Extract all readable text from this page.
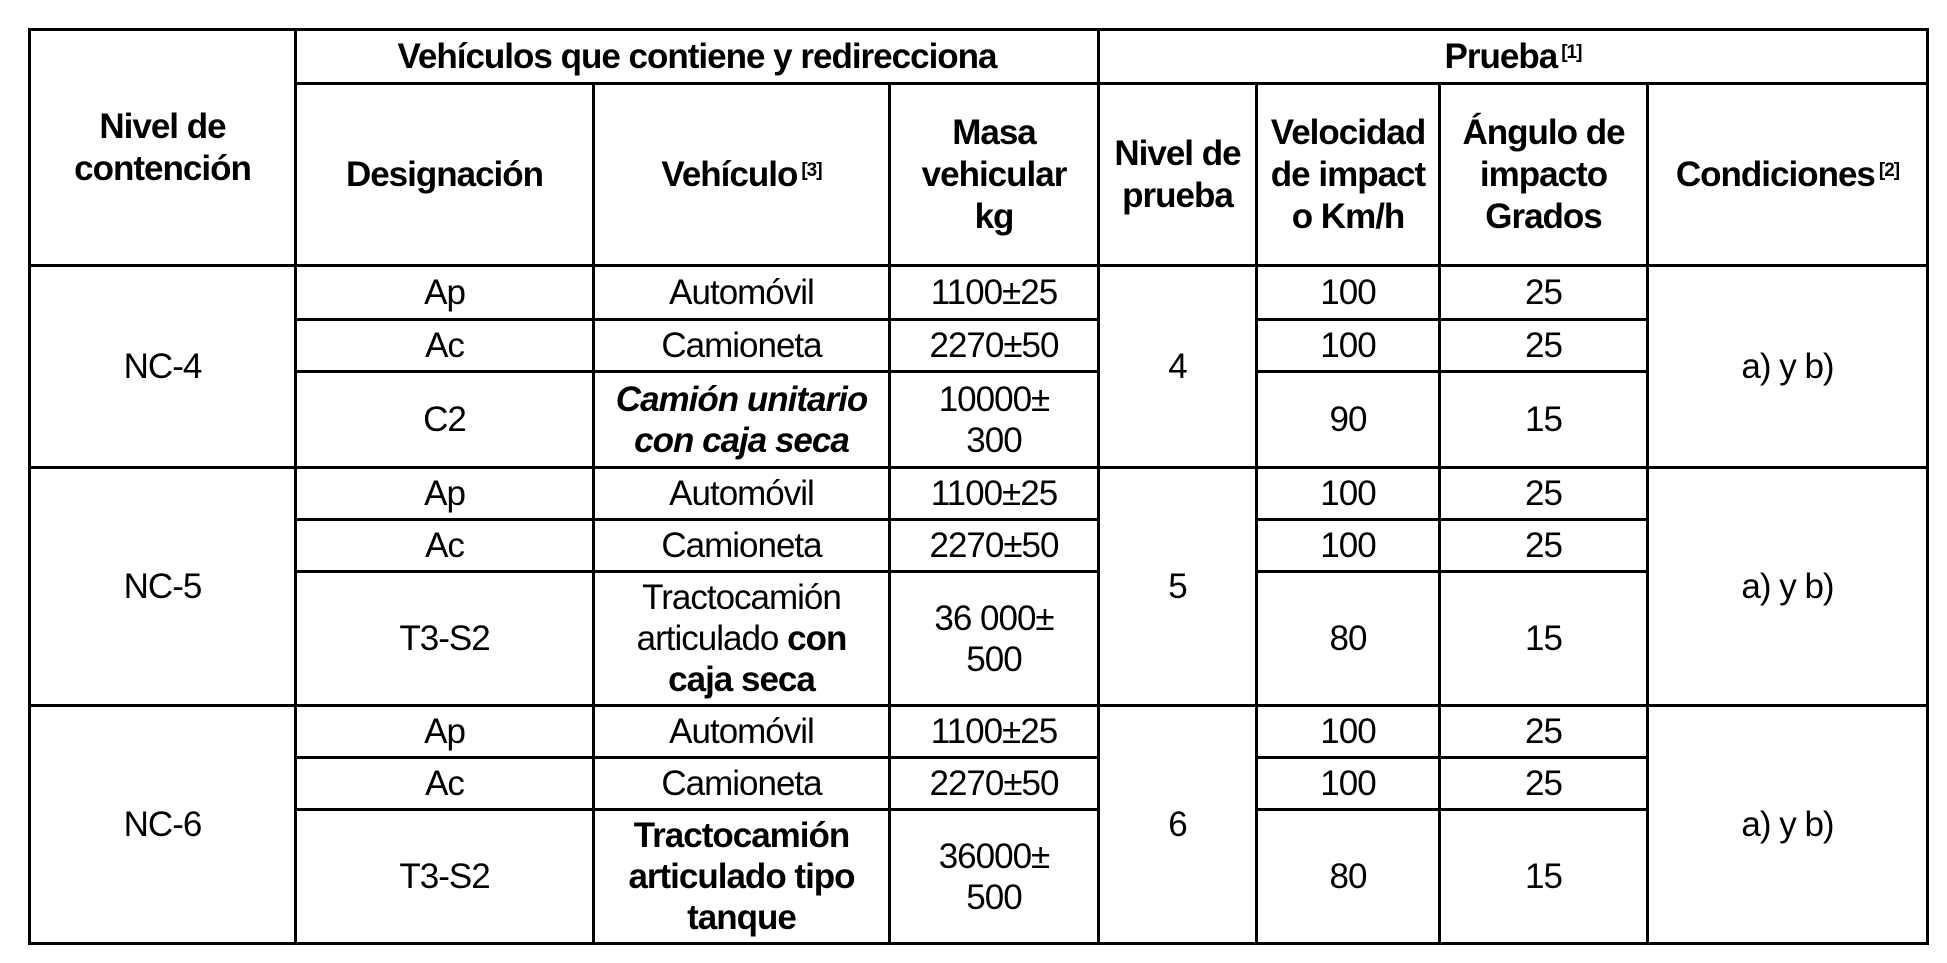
Nivel de contención	Vehículos que contiene y redirecciona			Prueba [1]
	Designación	Vehículo [3]	Masa vehicular kg	Nivel de prueba	Velocidad de impacto Km/h	Ángulo de impacto Grados	Condiciones [2]
NC-4	Ap	Automóvil	1100±25	4	100	25	a) y b)
	Ac	Camioneta	2270±50		100	25	
	C2	Camión unitario con caja seca	10000± 300		90	15	
NC-5	Ap	Automóvil	1100±25	5	100	25	a) y b)
	Ac	Camioneta	2270±50		100	25	
	T3-S2	Tractocamión articulado con caja seca	36 000± 500		80	15	
NC-6	Ap	Automóvil	1100±25	6	100	25	a) y b)
	Ac	Camioneta	2270±50		100	25	
	T3-S2	Tractocamión articulado tipo tanque	36000± 500		80	15	
